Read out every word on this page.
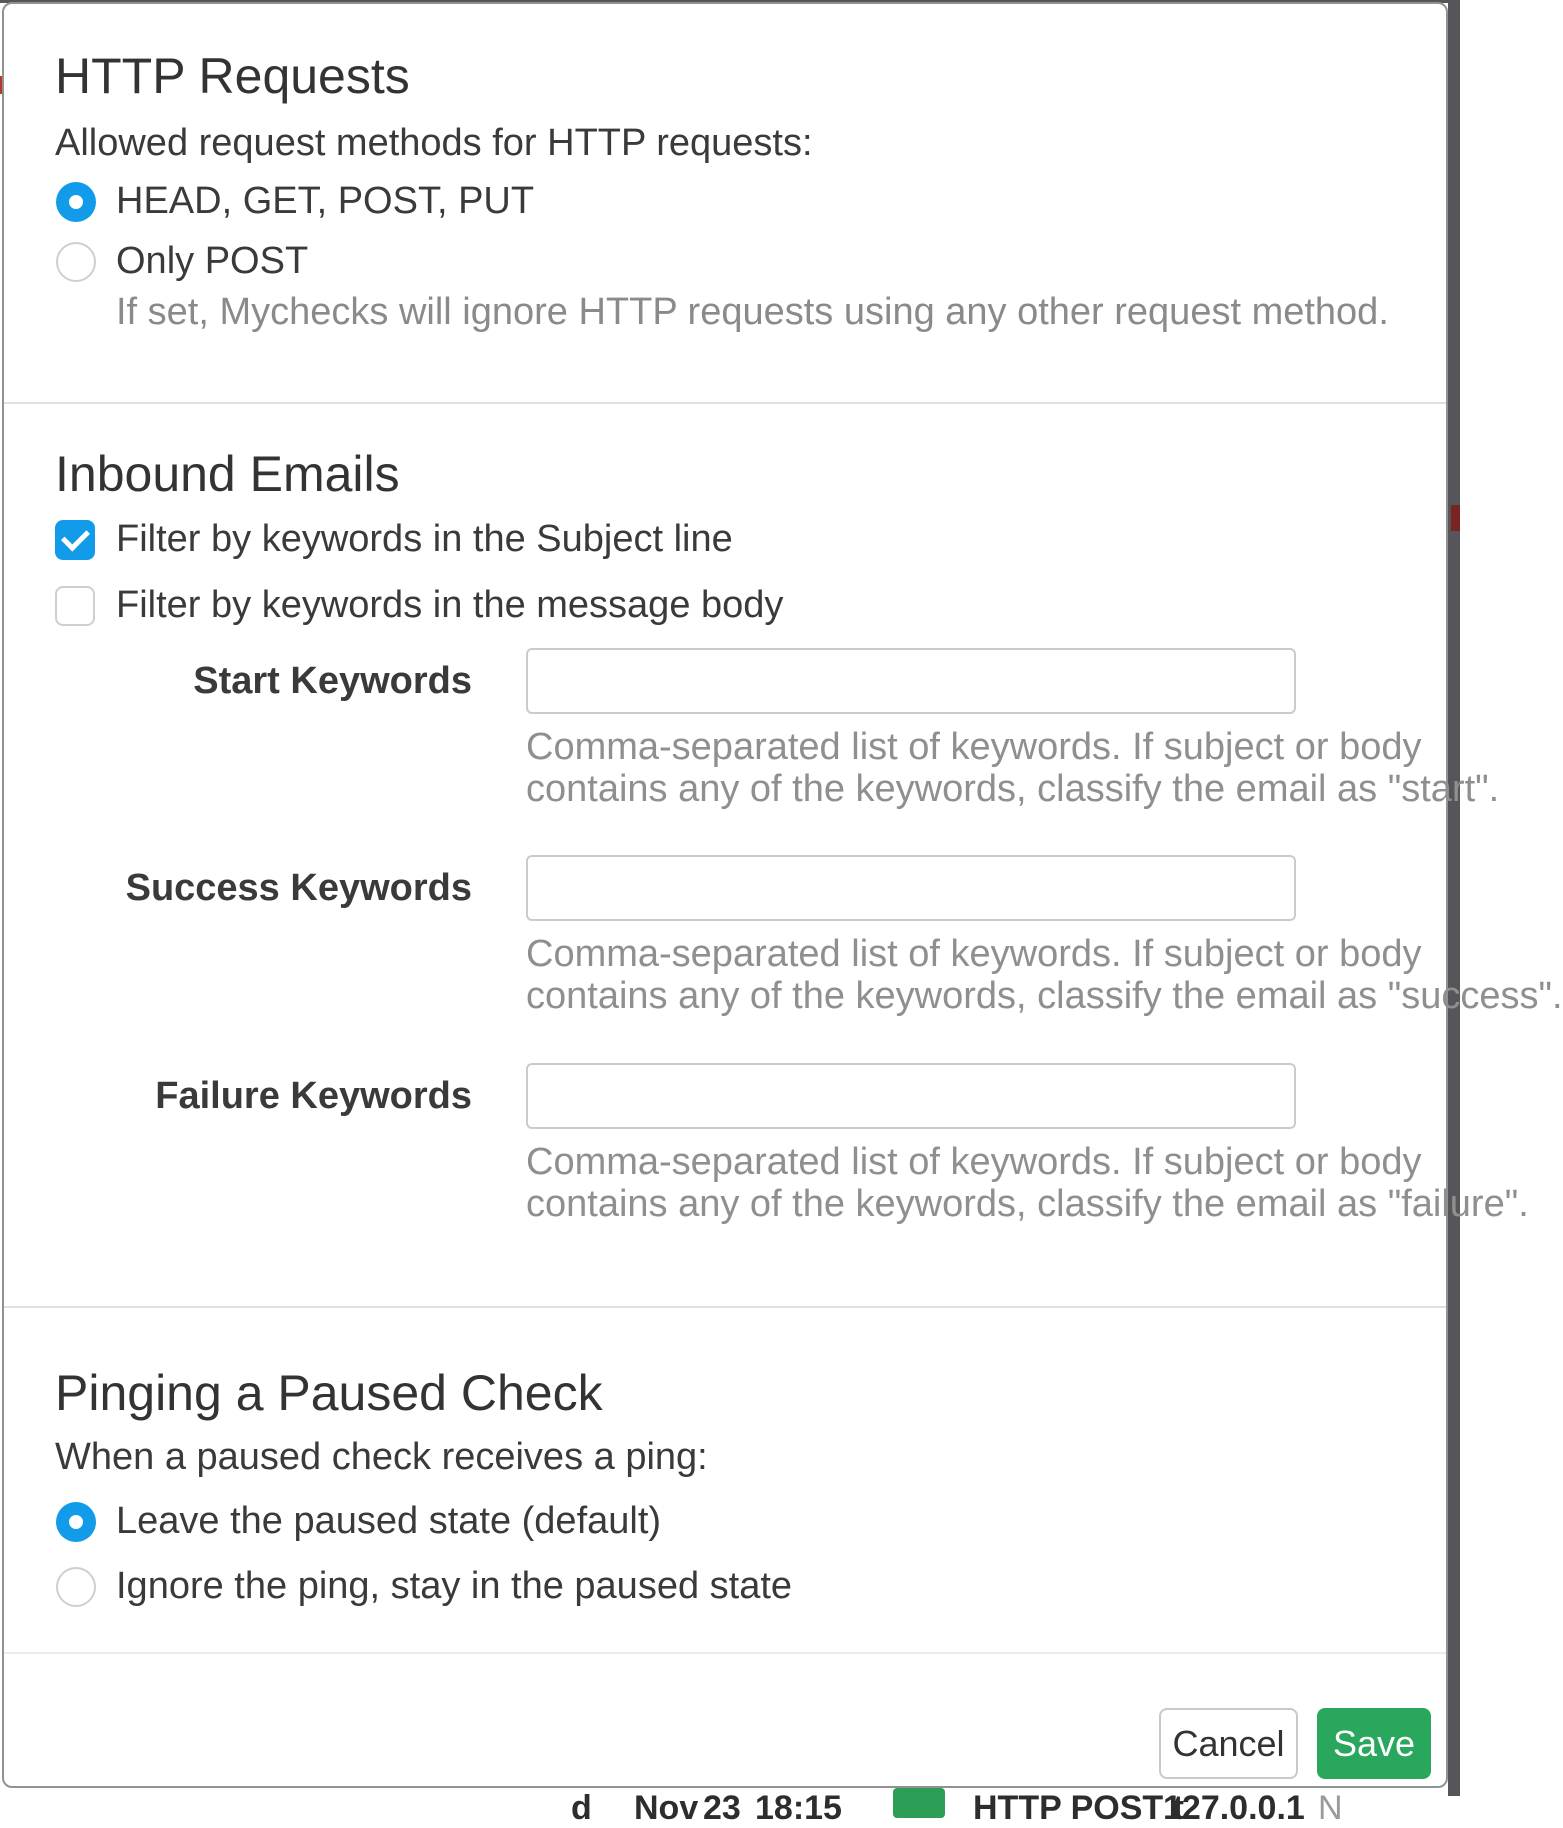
d Nov 23 18:15	HTTP POST t
127.0.0.1 N
HTTP Requests
Allowed request methods for HTTP requests:
HEAD, GET, POST, PUT
Only POST
If set, Mychecks will ignore HTTP requests using any other request method.
Inbound Emails
Filter by keywords in the Subject line
Filter by keywords in the message body
Start Keywords
Comma-separated list of keywords. If subject or body
contains any of the keywords, classify the email as "start".
Success Keywords
Comma-separated list of keywords. If subject or body
contains any of the keywords, classify the email as "success".
Failure Keywords
Comma-separated list of keywords. If subject or body
contains any of the keywords, classify the email as "failure".
Pinging a Paused Check
When a paused check receives a ping:
Leave the paused state (default)
Ignore the ping, stay in the paused state
Cancel	Save
